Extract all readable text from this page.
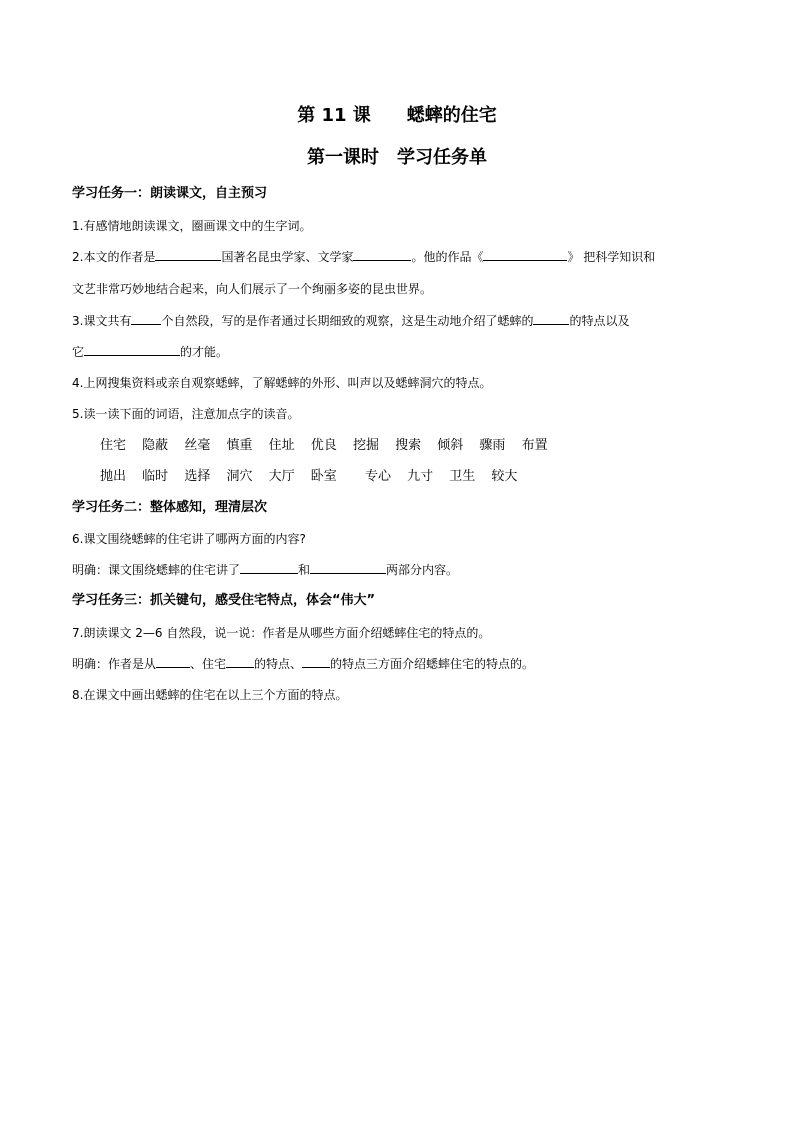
第 11 课　　蟋蟀的住宅
第一课时　学习任务单

学习任务一：朗读课文，自主预习

1.有感情地朗读课文，圈画课文中的生字词。

2.本文的作者是	国著名昆虫学家、文学家	。他的作品《	》 把科学知识和

文艺非常巧妙地结合起来，向人们展示了一个绚丽多姿的昆虫世界。

3.课文共有	个自然段，写的是作者通过长期细致的观察，这是生动地介绍了蟋蟀的	的特点以及

它	的才能。

4.上网搜集资料或亲自观察蟋蟀，了解蟋蟀的外形、叫声以及蟋蟀洞穴的特点。

5.读一读下面的词语，注意加点字的读音。

住宅 隐蔽 丝毫 慎重 住址 优良 挖掘 搜索 倾斜 骤雨 布置
抛出 临时 选择 洞穴 大厅 卧室 专心 九寸 卫生 较大

学习任务二：整体感知，理清层次

6.课文围绕蟋蟀的住宅讲了哪两方面的内容?

明确：课文围绕蟋蟀的住宅讲了	和	两部分内容。

学习任务三：抓关键句，感受住宅特点，体会“伟大”

7.朗读课文 2—6 自然段，说一说：作者是从哪些方面介绍蟋蟀住宅的特点的。

明确：作者是从	、住宅 的特点、 的特点三方面介绍蟋蟀住宅的特点的。

8.在课文中画出蟋蟀的住宅在以上三个方面的特点。
